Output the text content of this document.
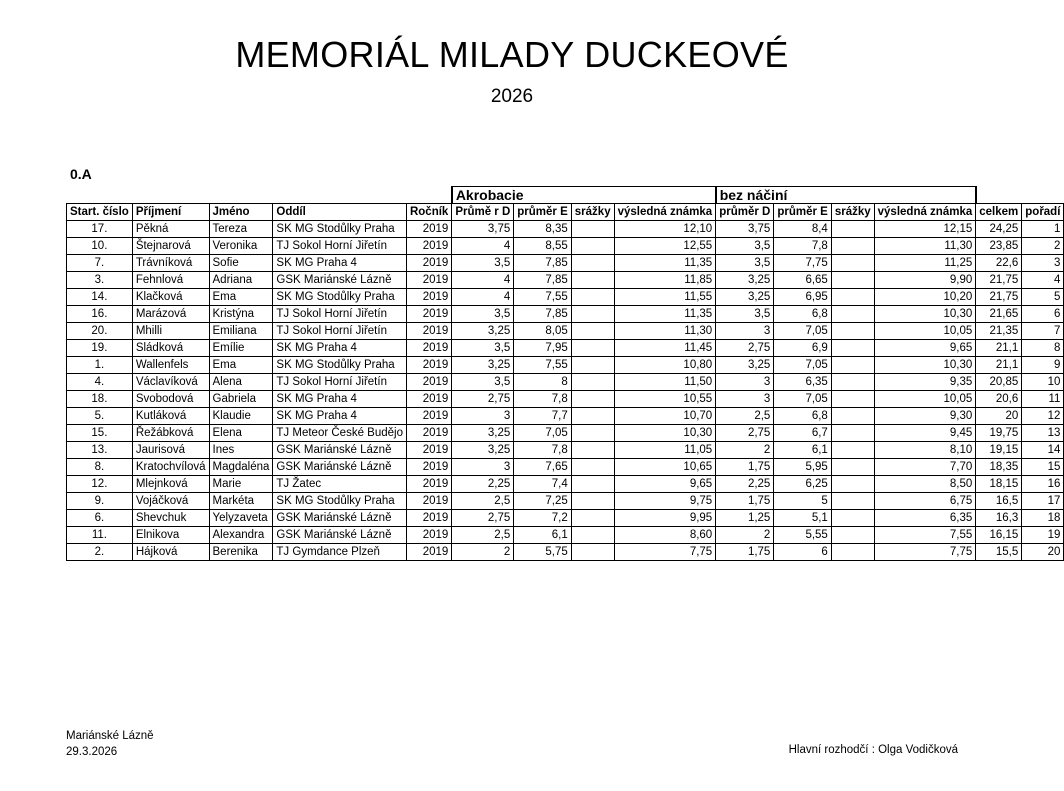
MEMORIÁL MILADY DUCKEOVÉ
2026
0.A
					Akrobacie				bez náčiní					
Start. číslo	Příjmení	Jméno	Oddíl	Ročník	Průmě r D	průměr E	srážky	výsledná známka	průměr D	průměr E	srážky	výsledná známka	celkem	pořadí
17.	Pěkná	Tereza	SK MG Stodůlky Praha	2019	3,75	8,35		12,10	3,75	8,4		12,15	24,25	1
10.	Štejnarová	Veronika	TJ Sokol Horní Jiřetín	2019	4	8,55		12,55	3,5	7,8		11,30	23,85	2
7.	Trávníková	Sofie	SK MG Praha 4	2019	3,5	7,85		11,35	3,5	7,75		11,25	22,6	3
3.	Fehnlová	Adriana	GSK Mariánské Lázně	2019	4	7,85		11,85	3,25	6,65		9,90	21,75	4
14.	Klačková	Ema	SK MG Stodůlky Praha	2019	4	7,55		11,55	3,25	6,95		10,20	21,75	5
16.	Marázová	Kristýna	TJ Sokol Horní Jiřetín	2019	3,5	7,85		11,35	3,5	6,8		10,30	21,65	6
20.	Mhilli	Emiliana	TJ Sokol Horní Jiřetín	2019	3,25	8,05		11,30	3	7,05		10,05	21,35	7
19.	Sládková	Emílie	SK MG Praha 4	2019	3,5	7,95		11,45	2,75	6,9		9,65	21,1	8
1.	Wallenfels	Ema	SK MG Stodůlky Praha	2019	3,25	7,55		10,80	3,25	7,05		10,30	21,1	9
4.	Václavíková	Alena	TJ Sokol Horní Jiřetín	2019	3,5	8		11,50	3	6,35		9,35	20,85	10
18.	Svobodová	Gabriela	SK MG Praha 4	2019	2,75	7,8		10,55	3	7,05		10,05	20,6	11
5.	Kutláková	Klaudie	SK MG Praha 4	2019	3	7,7		10,70	2,5	6,8		9,30	20	12
15.	Řežábková	Elena	TJ Meteor České Budějo	2019	3,25	7,05		10,30	2,75	6,7		9,45	19,75	13
13.	Jaurisová	Ines	GSK Mariánské Lázně	2019	3,25	7,8		11,05	2	6,1		8,10	19,15	14
8.	Kratochvílová	Magdaléna	GSK Mariánské Lázně	2019	3	7,65		10,65	1,75	5,95		7,70	18,35	15
12.	Mlejnková	Marie	TJ Žatec	2019	2,25	7,4		9,65	2,25	6,25		8,50	18,15	16
9.	Vojáčková	Markéta	SK MG Stodůlky Praha	2019	2,5	7,25		9,75	1,75	5		6,75	16,5	17
6.	Shevchuk	Yelyzaveta	GSK Mariánské Lázně	2019	2,75	7,2		9,95	1,25	5,1		6,35	16,3	18
11.	Elnikova	Alexandra	GSK Mariánské Lázně	2019	2,5	6,1		8,60	2	5,55		7,55	16,15	19
2.	Hájková	Berenika	TJ Gymdance Plzeň	2019	2	5,75		7,75	1,75	6		7,75	15,5	20
Mariánské Lázně
29.3.2026	Hlavní rozhodčí : Olga Vodičková
